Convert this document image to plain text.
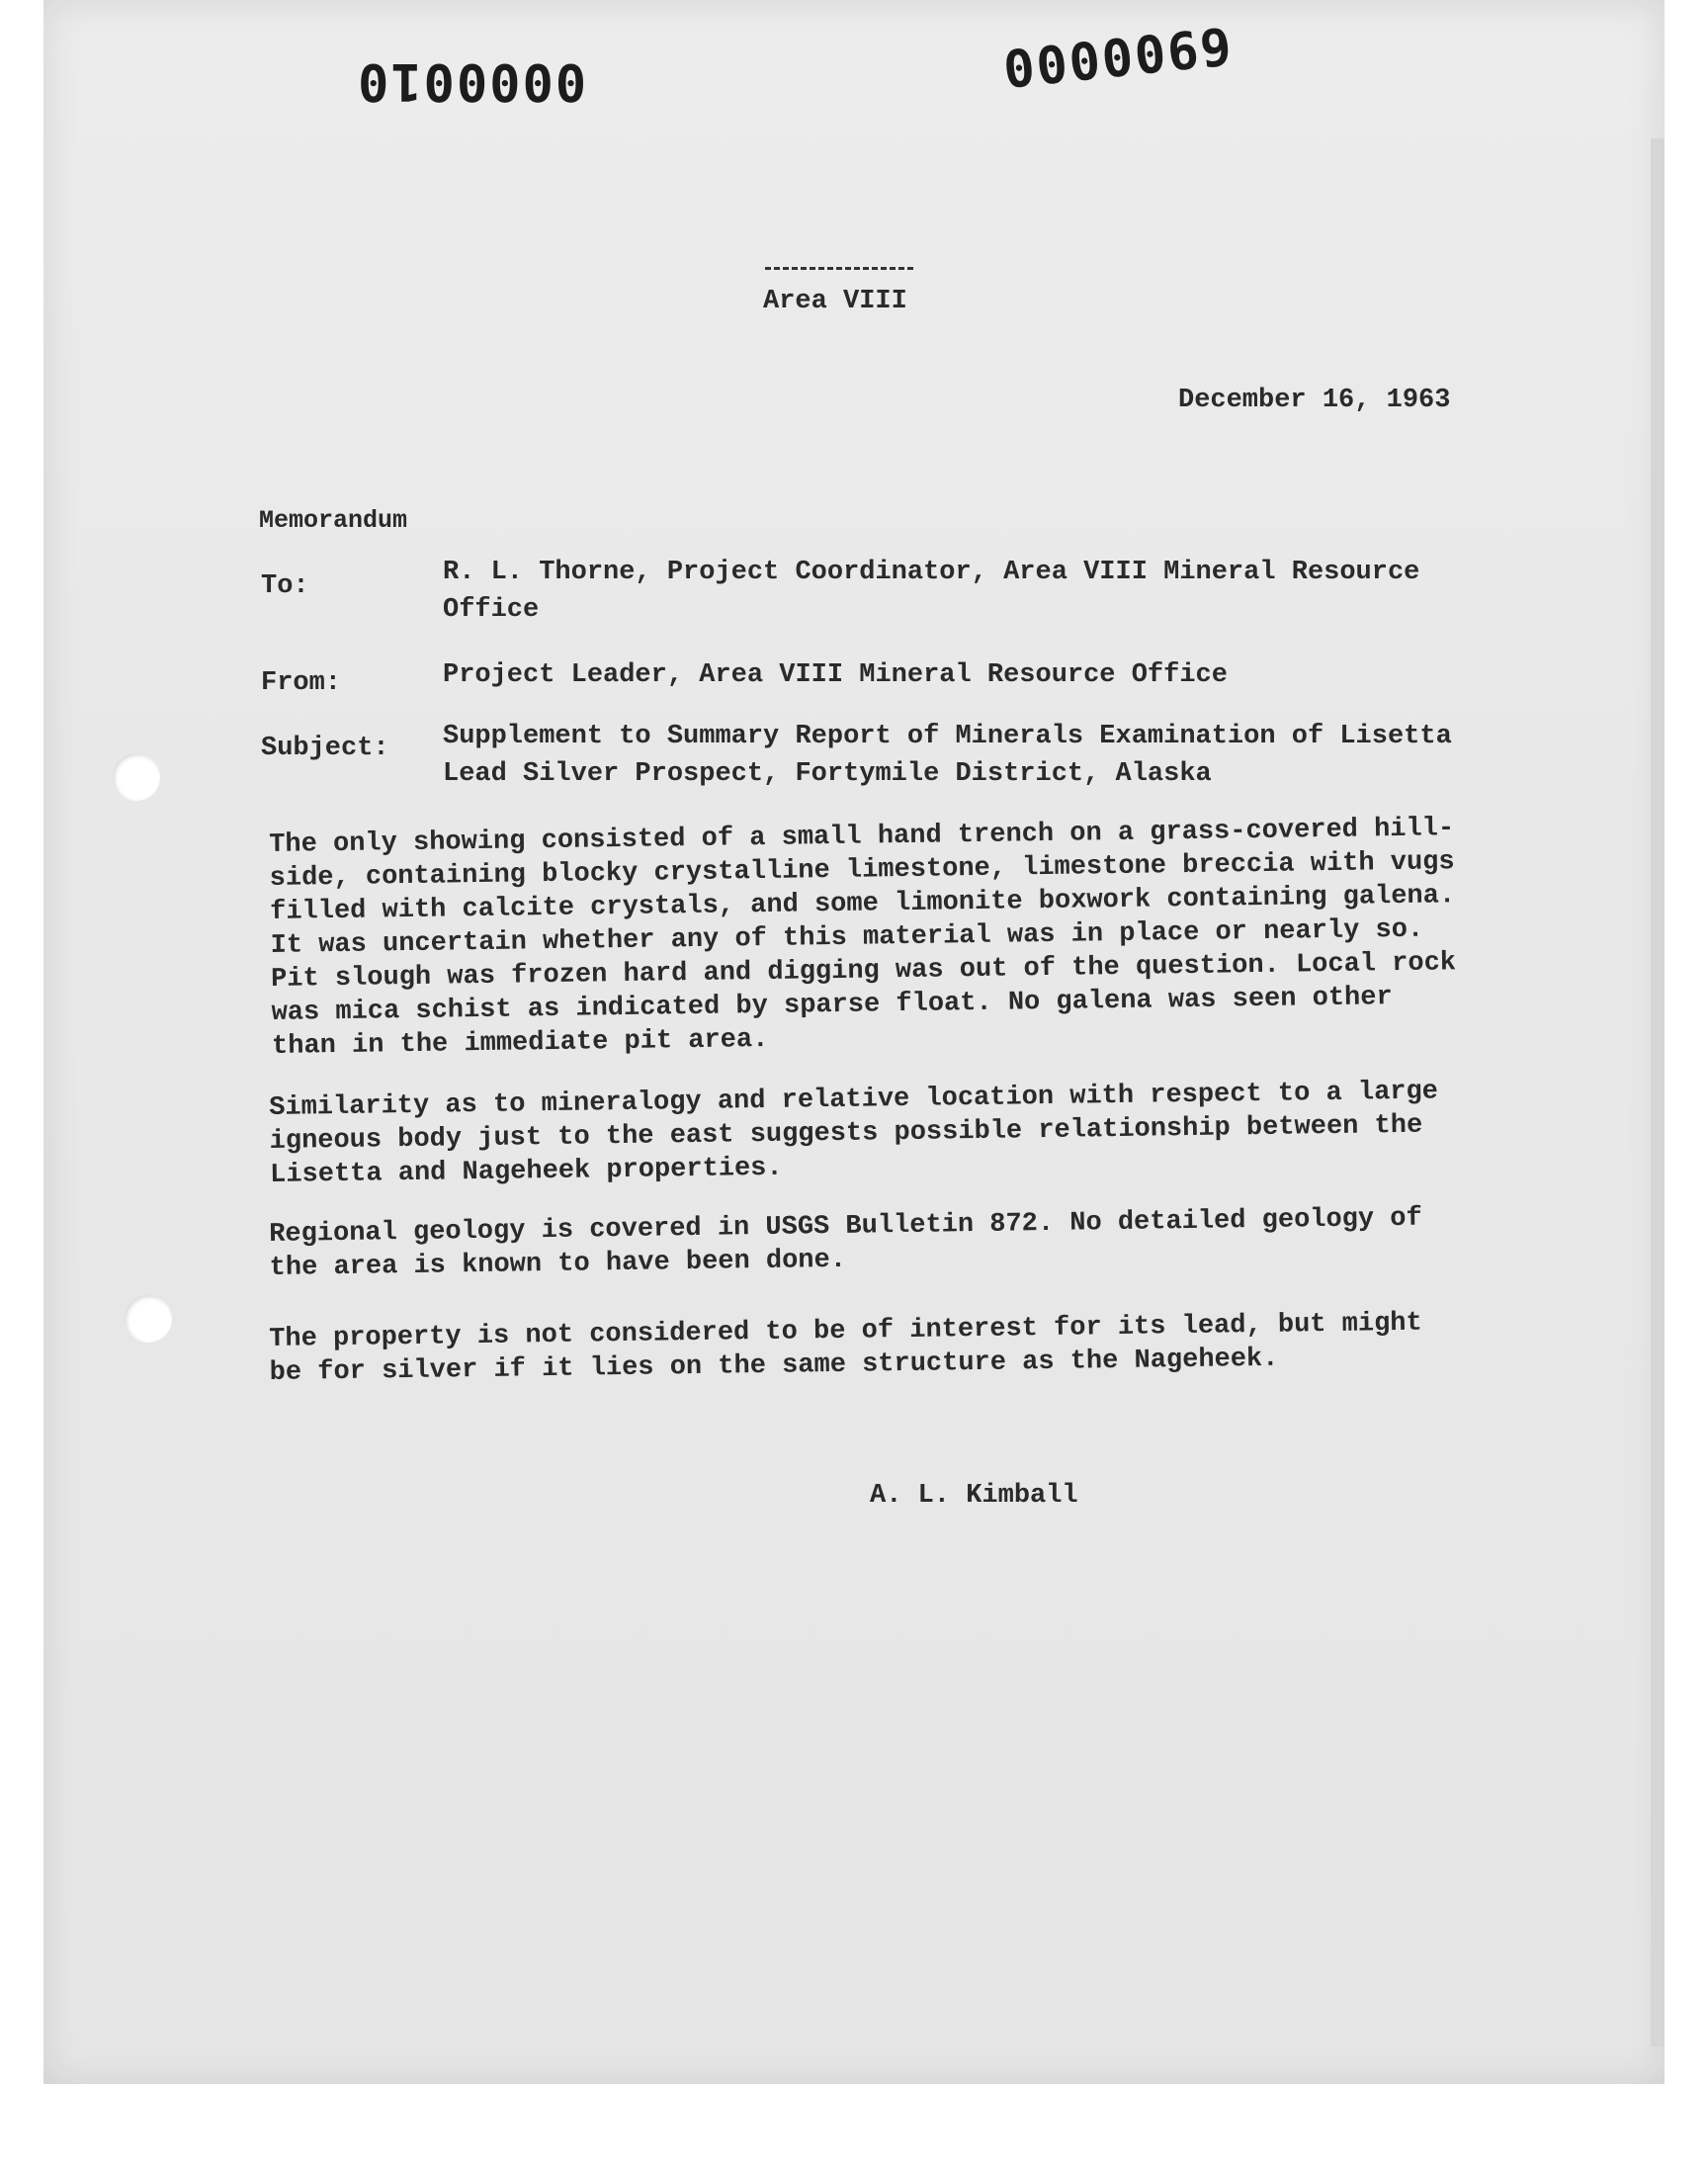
0000010	0000069
Area VIII
December 16, 1963
Memorandum
To:	R. L. Thorne, Project Coordinator, Area VIII Mineral Resource
Office
From:	Project Leader, Area VIII Mineral Resource Office
Subject: Supplement to Summary Report of Minerals Examination of Lisetta
Lead Silver Prospect, Fortymile District, Alaska
The only showing consisted of a small hand trench on a grass-covered hill-
side, containing blocky crystalline limestone, limestone breccia with vugs
filled with calcite crystals, and some limonite boxwork containing galena.
It was uncertain whether any of this material was in place or nearly so.
Pit slough was frozen hard and digging was out of the question. Local rock
was mica schist as indicated by sparse float. No galena was seen other
than in the immediate pit area.
Similarity as to mineralogy and relative location with respect to a large
igneous body just to the east suggests possible relationship between the
Lisetta and Nageheek properties.
Regional geology is covered in USGS Bulletin 872. No detailed geology of
the area is known to have been done.
The property is not considered to be of interest for its lead, but might
be for silver if it lies on the same structure as the Nageheek.
A. L. Kimball
